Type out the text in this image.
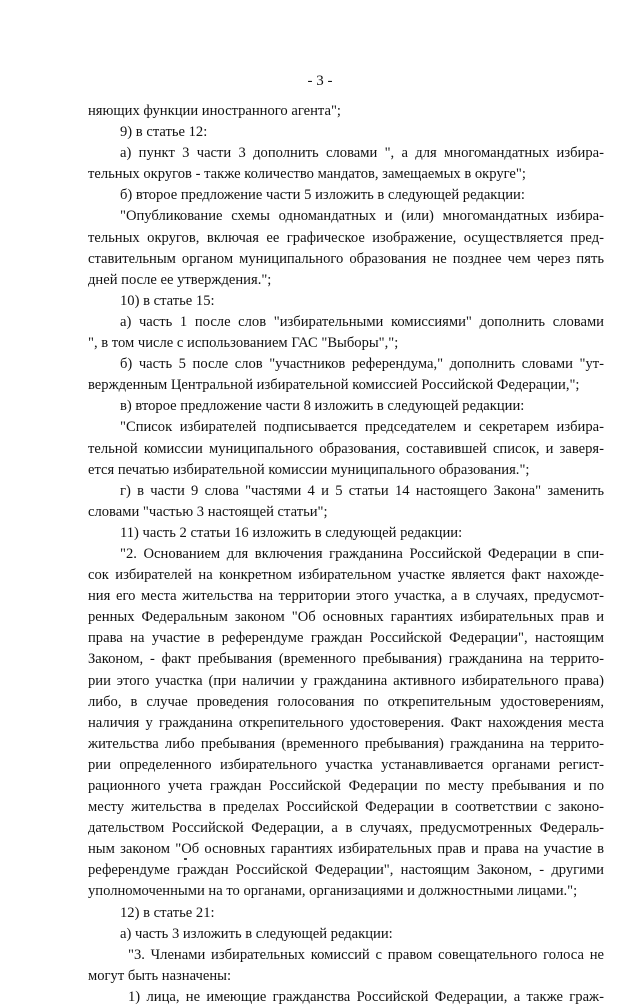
- 3 -
няющих функции иностранного агента";
9) в статье 12:
а) пункт 3 части 3 дополнить словами ", а для многомандатных избира-
тельных округов - также количество мандатов, замещаемых в округе";
б) второе предложение части 5 изложить в следующей редакции:
"Опубликование схемы одномандатных и (или) многомандатных избира-
тельных округов, включая ее графическое изображение, осуществляется пред-
ставительным органом муниципального образования не позднее чем через пять
дней после ее утверждения.";
10) в статье 15:
а) часть 1 после слов "избирательными комиссиями" дополнить словами
", в том числе с использованием ГАС "Выборы",";
б) часть 5 после слов "участников референдума," дополнить словами "ут-
вержденным Центральной избирательной комиссией Российской Федерации,";
в) второе предложение части 8 изложить в следующей редакции:
"Список избирателей подписывается председателем и секретарем избира-
тельной комиссии муниципального образования, составившей список, и заверя-
ется печатью избирательной комиссии муниципального образования.";
г) в части 9 слова "частями 4 и 5 статьи 14 настоящего Закона" заменить
словами "частью 3 настоящей статьи";
11) часть 2 статьи 16 изложить в следующей редакции:
"2. Основанием для включения гражданина Российской Федерации в спи-
сок избирателей на конкретном избирательном участке является факт нахожде-
ния его места жительства на территории этого участка, а в случаях, предусмот-
ренных Федеральным законом "Об основных гарантиях избирательных прав и
права на участие в референдуме граждан Российской Федерации", настоящим
Законом, - факт пребывания (временного пребывания) гражданина на террито-
рии этого участка (при наличии у гражданина активного избирательного права)
либо, в случае проведения голосования по открепительным удостоверениям,
наличия у гражданина открепительного удостоверения. Факт нахождения места
жительства либо пребывания (временного пребывания) гражданина на террито-
рии определенного избирательного участка устанавливается органами регист-
рационного учета граждан Российской Федерации по месту пребывания и по
месту жительства в пределах Российской Федерации в соответствии с законо-
дательством Российской Федерации, а в случаях, предусмотренных Федераль-
ным законом "Об основных гарантиях избирательных прав и права на участие в
референдуме граждан Российской Федерации", настоящим Законом, - другими
уполномоченными на то органами, организациями и должностными лицами.";
12) в статье 21:
а) часть 3 изложить в следующей редакции:
"3. Членами избирательных комиссий с правом совещательного голоса не
могут быть назначены:
1) лица, не имеющие гражданства Российской Федерации, а также граж-
